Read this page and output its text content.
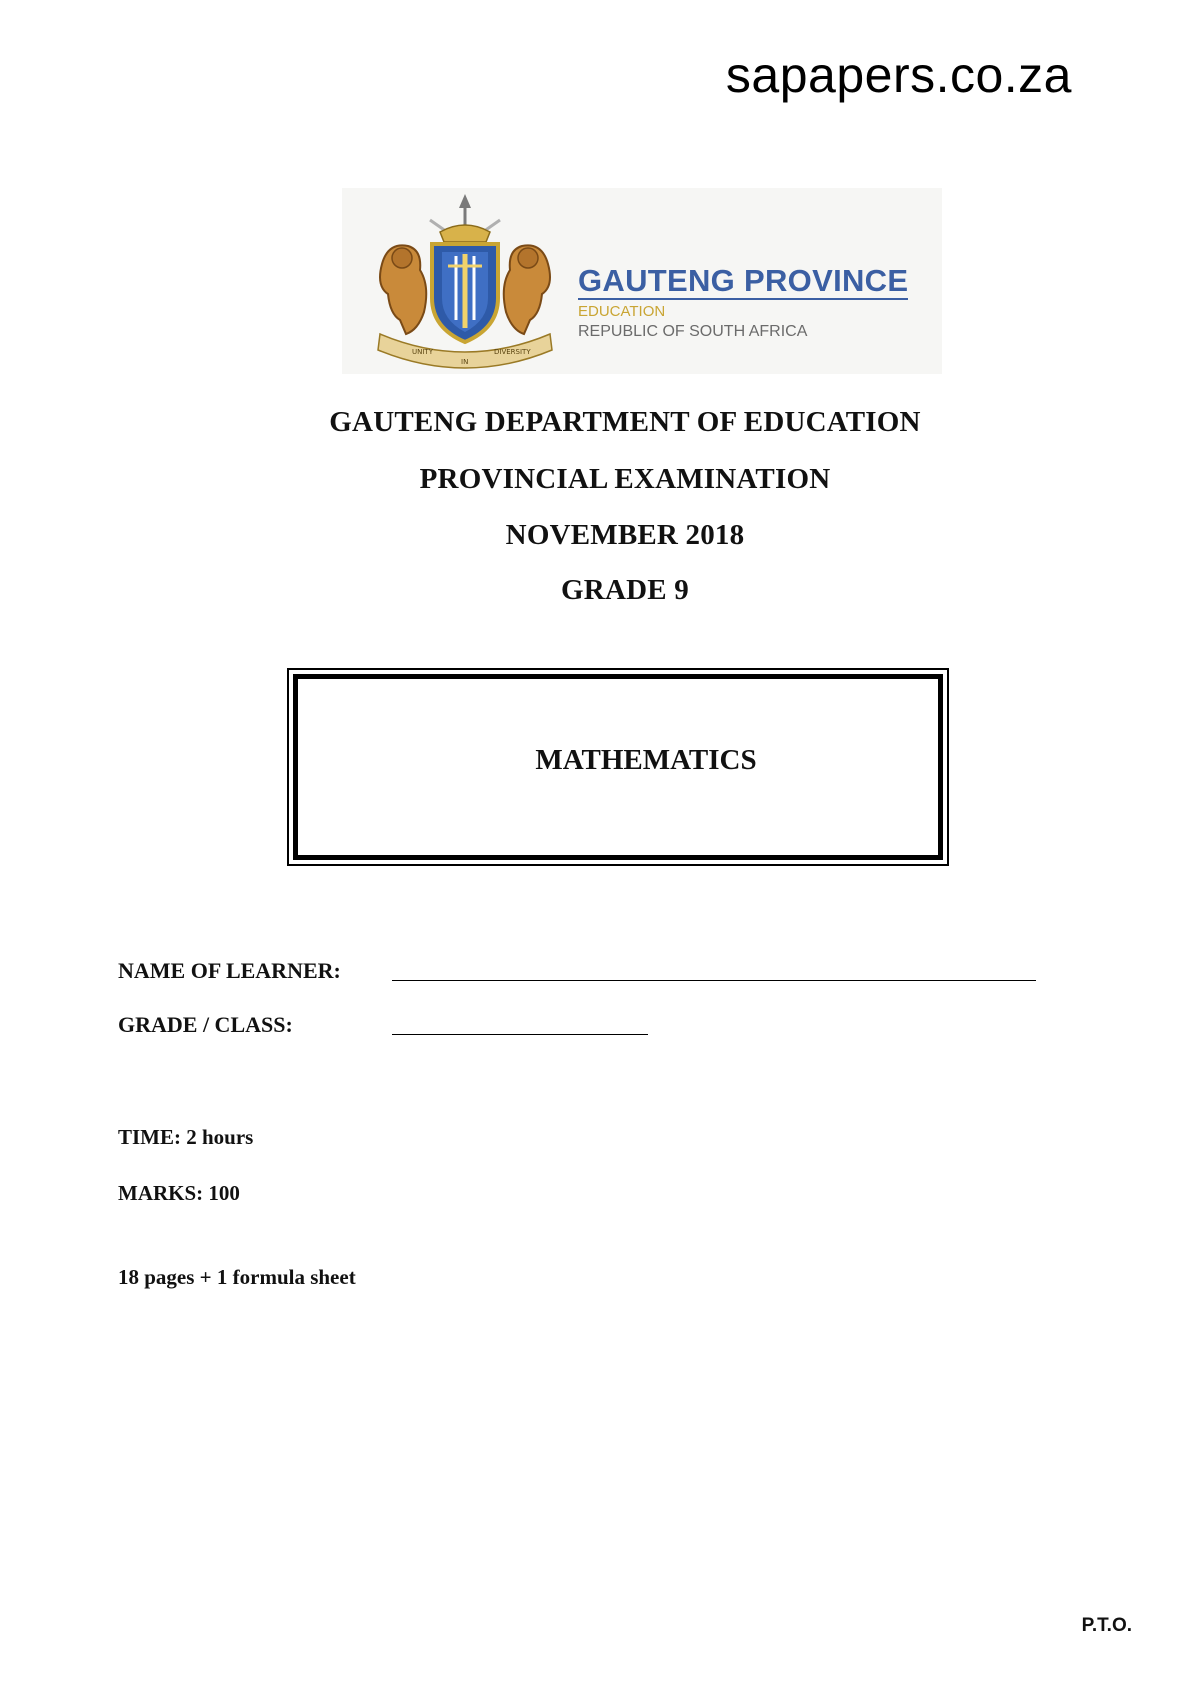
sapapers.co.za
UNITY
IN
DIVERSITY
GAUTENG PROVINCE
EDUCATION
REPUBLIC OF SOUTH AFRICA
GAUTENG DEPARTMENT OF EDUCATION
PROVINCIAL EXAMINATION
NOVEMBER 2018
GRADE 9
MATHEMATICS
NAME OF LEARNER:
GRADE / CLASS:
TIME: 2 hours
MARKS: 100
18 pages + 1 formula sheet
P.T.O.
